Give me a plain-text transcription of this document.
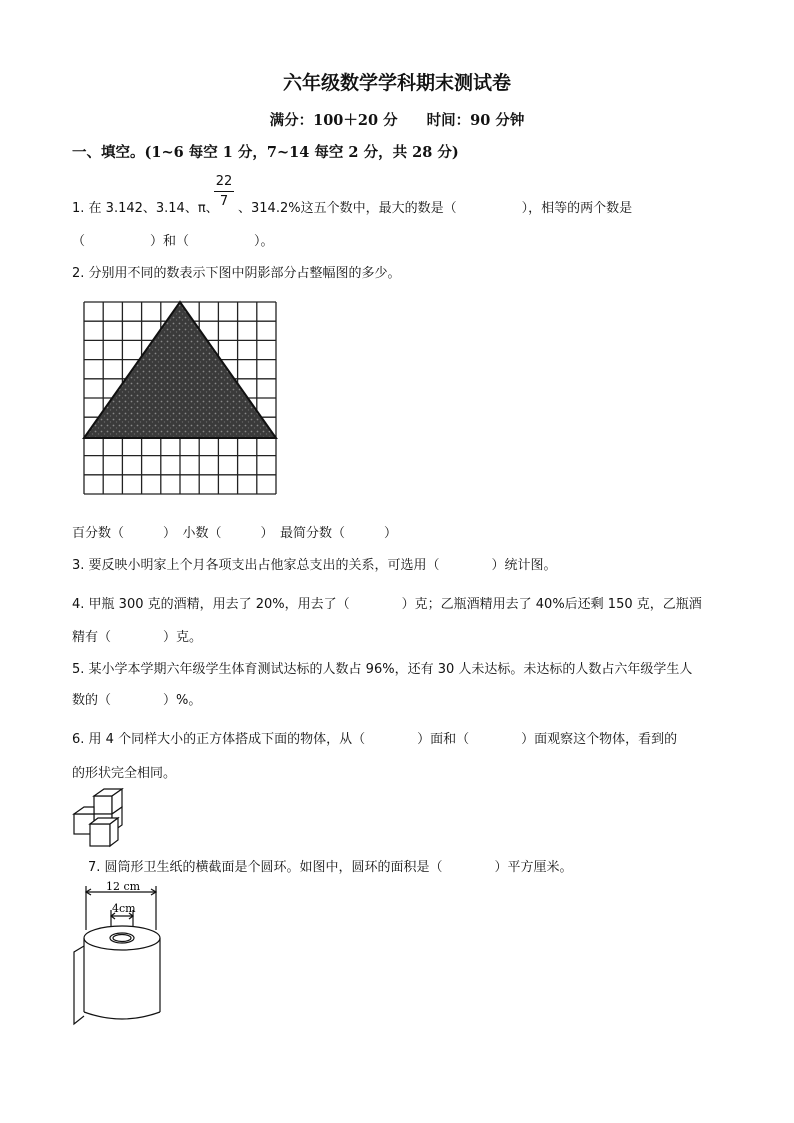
六年级数学学科期末测试卷
满分：100＋20 分　　时间：90 分钟
一、填空。(1~6 每空 1 分，7~14 每空 2 分，共 28 分)
1. 在 3.142、3.14、π、
22
7 、314.2%这五个数中，最大的数是（　　　　　），相等的两个数是
（　　　　　）和（　　　　　）。
2. 分别用不同的数表示下图中阴影部分占整幅图的多少。
百分数（　　　）　小数（　　　）　最简分数（　　　）
3. 要反映小明家上个月各项支出占他家总支出的关系，可选用（　　　　）统计图。
4. 甲瓶 300 克的酒精，用去了 20%，用去了（　　　　）克；乙瓶酒精用去了 40%后还剩 150 克，乙瓶酒
精有（　　　　）克。
5. 某小学本学期六年级学生体育测试达标的人数占 96%，还有 30 人未达标。未达标的人数占六年级学生人
数的（　　　　）%。
6. 用 4 个同样大小的正方体搭成下面的物体，从（　　　　）面和（　　　　）面观察这个物体，看到的
的形状完全相同。
7. 圆筒形卫生纸的横截面是个圆环。如图中，圆环的面积是（　　　　）平方厘米。
12 cm
4cm
